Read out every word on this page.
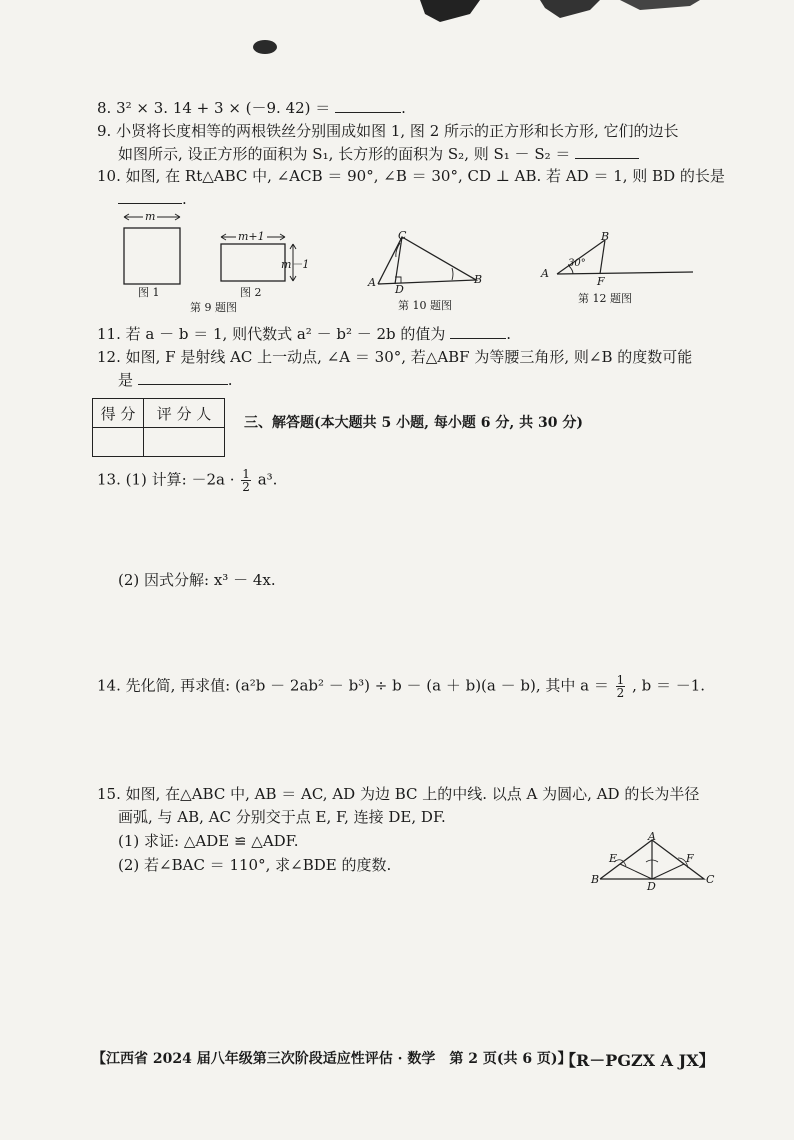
8. 3² × 3. 14 + 3 × (－9. 42) ＝	.
9. 小贤将长度相等的两根铁丝分别围成如图 1, 图 2 所示的正方形和长方形, 它们的边长
如图所示, 设正方形的面积为 S₁, 长方形的面积为 S₂, 则 S₁ － S₂ ＝
10. 如图, 在 Rt△ABC 中, ∠ACB ＝ 90°, ∠B ＝ 30°, CD ⊥ AB. 若 AD ＝ 1, 则 BD 的长是
.
m
图 1
m+1
m－1
图 2
第 9 题图
C
A
D
B
第 10 题图
A
B
F
30°
第 12 题图
11. 若 a － b ＝ 1, 则代数式 a² － b² － 2b 的值为	.
12. 如图, F 是射线 AC 上一动点, ∠A ＝ 30°, 若△ABF 为等腰三角形, 则∠B 的度数可能
是	.
得 分	评 分 人

三、解答题(本大题共 5 小题, 每小题 6 分, 共 30 分)
13. (1) 计算: $-2a \cdot \frac{1}{2} a^3$.
(2) 因式分解: x³ － 4x.
14. 先化简, 再求值: (a²b － 2ab² － b³) ÷ b － (a ＋ b)(a － b), 其中 $a = \frac{1}{2}$ , b ＝ －1.
15. 如图, 在△ABC 中, AB ＝ AC, AD 为边 BC 上的中线. 以点 A 为圆心, AD 的长为半径
画弧, 与 AB, AC 分别交于点 E, F, 连接 DE, DF.
(1) 求证: △ADE ≌ △ADF.
(2) 若∠BAC ＝ 110°, 求∠BDE 的度数.
A
E	F
B
D
C
【江西省 2024 届八年级第三次阶段适应性评估 · 数学　第 2 页(共 6 页)】
【R－PGZX A JX】
